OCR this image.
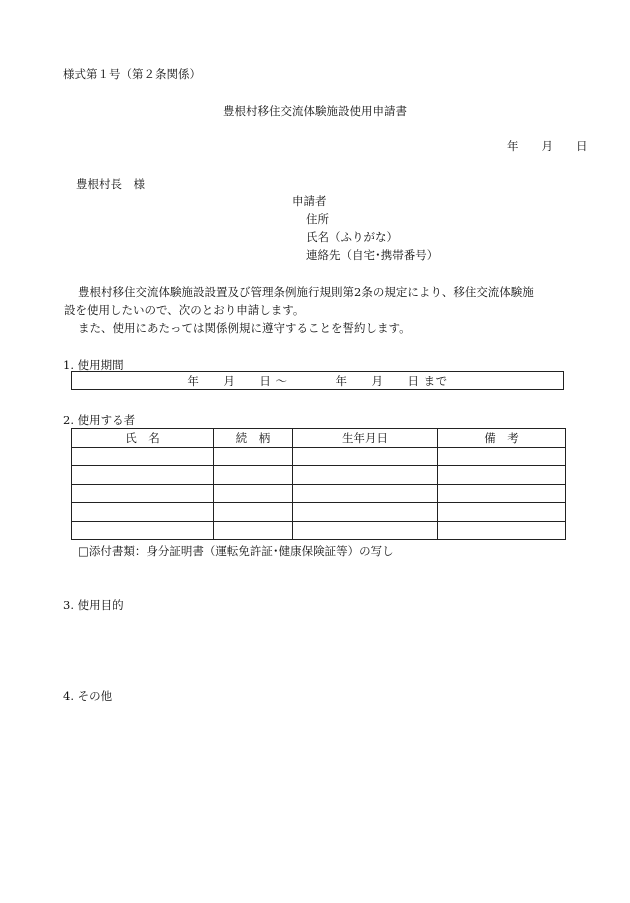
様式第１号（第２条関係）
豊根村移住交流体験施設使用申請書
年　　月　　日
豊根村長　様
申請者
住所
氏名（ふりがな）
連絡先（自宅･携帯番号）
豊根村移住交流体験施設設置及び管理条例施行規則第2条の規定により、移住交流体験施
設を使用したいので、次のとおり申請します。
また、使用にあたっては関係例規に遵守することを誓約します。
1. 使用期間
年　　月　　日 ～　　　　年　　月　　日 まで
2. 使用する者
氏　名	続　柄	生年月日	備　考

□添付書類：身分証明書（運転免許証･健康保険証等）の写し
3. 使用目的
4. その他
